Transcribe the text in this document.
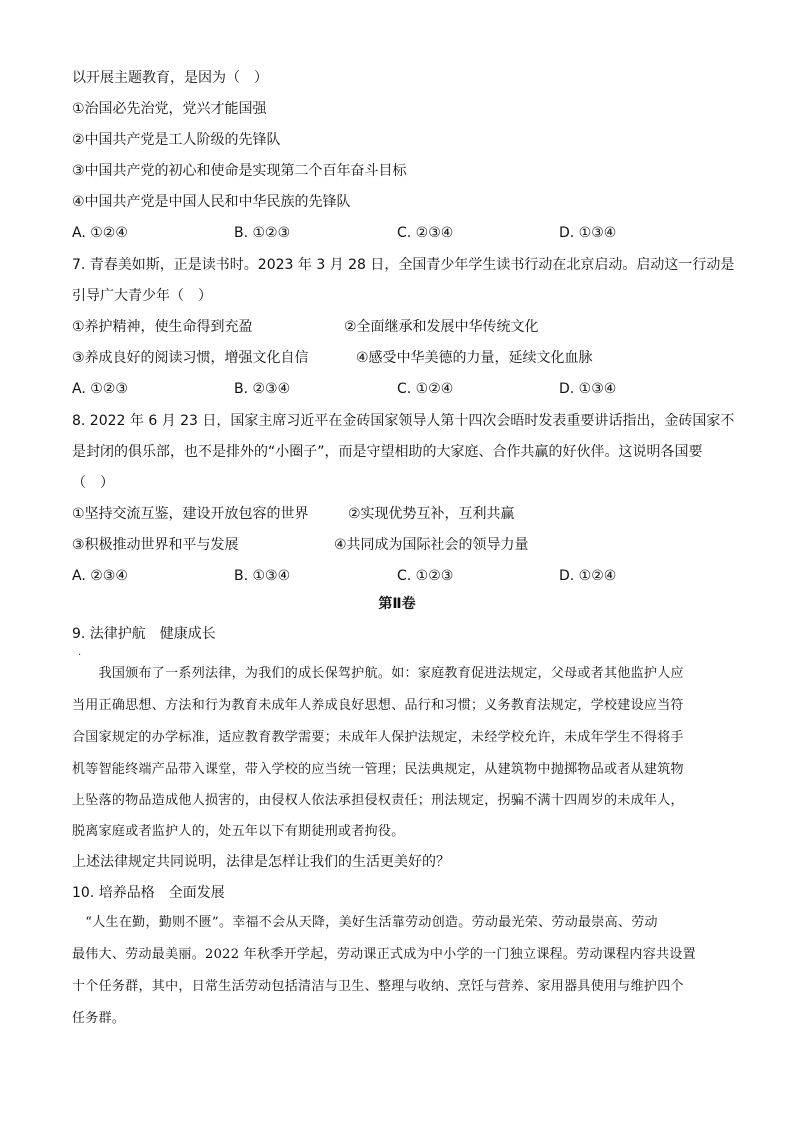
以开展主题教育，是因为（　）
①治国必先治党，党兴才能国强
②中国共产党是工人阶级的先锋队
③中国共产党的初心和使命是实现第二个百年奋斗目标
④中国共产党是中国人民和中华民族的先锋队
A. ①②④	B. ①②③	C. ②③④	D. ①③④
7. 青春美如斯，正是读书时。2023 年 3 月 28 日，全国青少年学生读书行动在北京启动。启动这一行动是
引导广大青少年（　）
①养护精神，使生命得到充盈	②全面继承和发展中华传统文化
③养成良好的阅读习惯，增强文化自信	④感受中华美德的力量，延续文化血脉
A. ①②③	B. ②③④	C. ①②④	D. ①③④
8. 2022 年 6 月 23 日，国家主席习近平在金砖国家领导人第十四次会晤时发表重要讲话指出，金砖国家不
是封闭的俱乐部，也不是排外的“小圈子”，而是守望相助的大家庭、合作共赢的好伙伴。这说明各国要
（　）
①坚持交流互鉴，建设开放包容的世界	②实现优势互补，互利共赢
③积极推动世界和平与发展	④共同成为国际社会的领导力量
A. ②③④	B. ①③④	C. ①②③	D. ①②④
第Ⅱ卷
9. 法律护航　健康成长
·
　　我国颁布了一系列法律，为我们的成长保驾护航。如：家庭教育促进法规定，父母或者其他监护人应
当用正确思想、方法和行为教育未成年人养成良好思想、品行和习惯；义务教育法规定，学校建设应当符
合国家规定的办学标准，适应教育教学需要；未成年人保护法规定，未经学校允许，未成年学生不得将手
机等智能终端产品带入课堂，带入学校的应当统一管理；民法典规定，从建筑物中抛掷物品或者从建筑物
上坠落的物品造成他人损害的，由侵权人依法承担侵权责任；刑法规定，拐骗不满十四周岁的未成年人，
脱离家庭或者监护人的，处五年以下有期徒刑或者拘役。
上述法律规定共同说明，法律是怎样让我们的生活更美好的？
10. 培养品格　全面发展
　“人生在勤，勤则不匮”。幸福不会从天降，美好生活靠劳动创造。劳动最光荣、劳动最崇高、劳动
最伟大、劳动最美丽。2022 年秋季开学起，劳动课正式成为中小学的一门独立课程。劳动课程内容共设置
十个任务群，其中，日常生活劳动包括清洁与卫生、整理与收纳、烹饪与营养、家用器具使用与维护四个
任务群。
